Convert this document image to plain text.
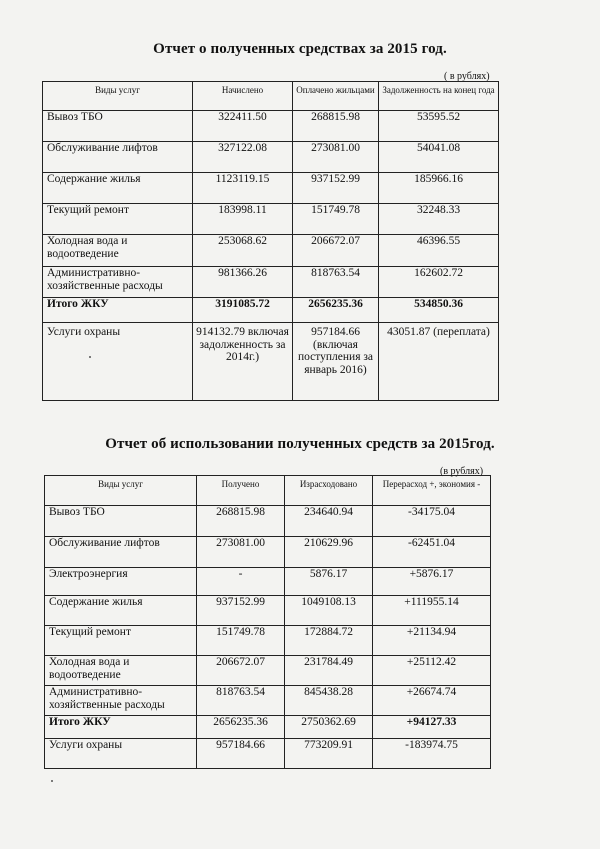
Отчет о полученных средствах за 2015 год.
( в рублях)
Виды услуг	Начислено	Оплачено жильцами	Задолженность на конец года
Вывоз ТБО	322411.50	268815.98	53595.52
Обслуживание лифтов	327122.08	273081.00	54041.08
Содержание жилья	1123119.15	937152.99	185966.16
Текущий ремонт	183998.11	151749.78	32248.33
Холодная вода и водоотведение	253068.62	206672.07	46396.55
Административно-хозяйственные расходы	981366.26	818763.54	162602.72
Итого ЖКУ	3191085.72	2656235.36	534850.36
Услуги охраны	914132.79 включая задолженность за 2014г.)	957184.66 (включая поступления за январь 2016)	43051.87 (переплата)
Отчет об использовании полученных средств за 2015год.
(в рублях)
Виды услуг	Получено	Израсходовано	Перерасход +, экономия -
Вывоз ТБО	268815.98	234640.94	-34175.04
Обслуживание лифтов	273081.00	210629.96	-62451.04
Электроэнергия	-	5876.17	+5876.17
Содержание жилья	937152.99	1049108.13	+111955.14
Текущий ремонт	151749.78	172884.72	+21134.94
Холодная вода и водоотведение	206672.07	231784.49	+25112.42
Административно-хозяйственные расходы	818763.54	845438.28	+26674.74
Итого ЖКУ	2656235.36	2750362.69	+94127.33
Услуги охраны	957184.66	773209.91	-183974.75
